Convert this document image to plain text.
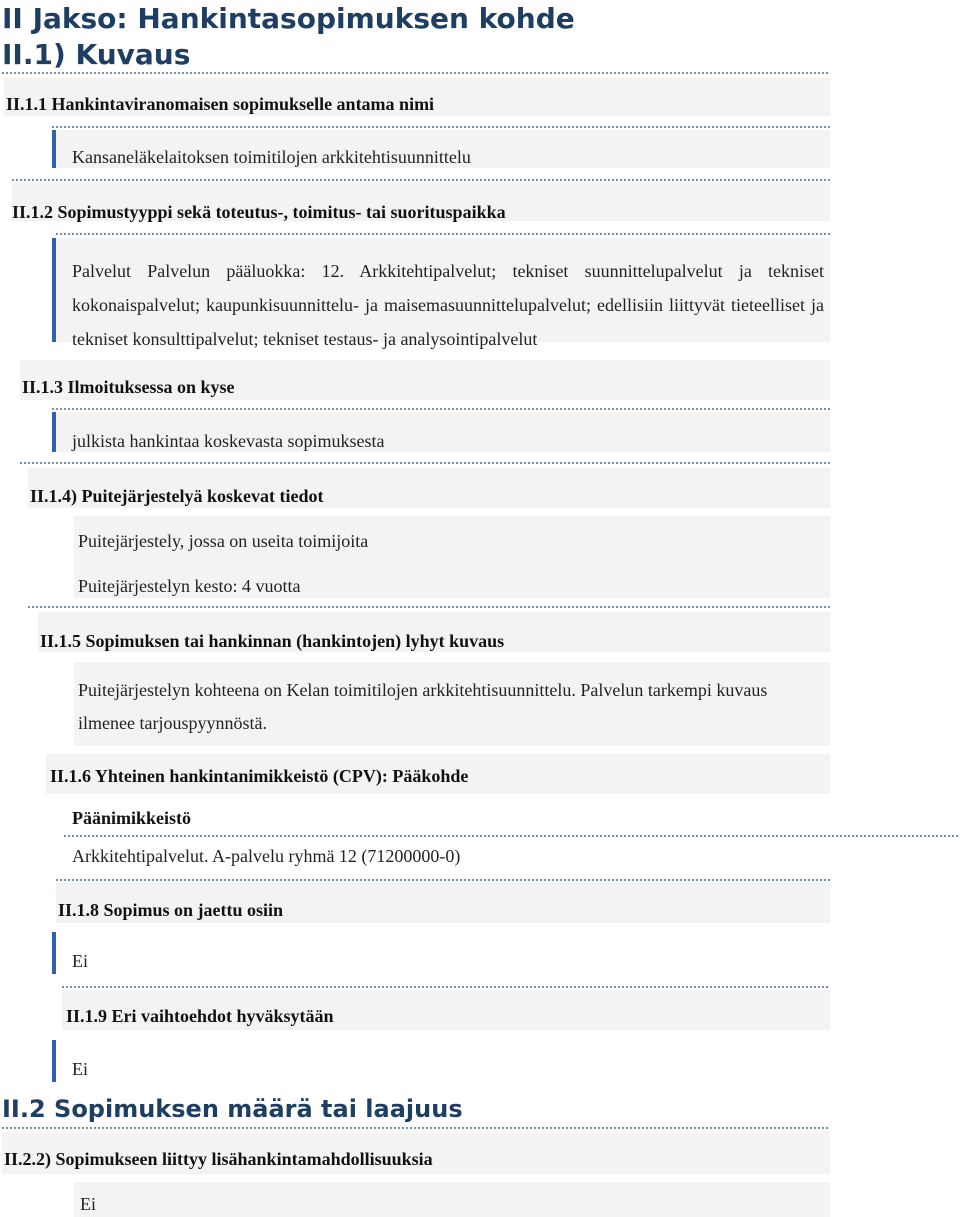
II Jakso: Hankintasopimuksen kohde
II.1) Kuvaus
II.1.1 Hankintaviranomaisen sopimukselle antama nimi
Kansaneläkelaitoksen toimitilojen arkkitehtisuunnittelu
II.1.2 Sopimustyyppi sekä toteutus-, toimitus- tai suorituspaikka
Palvelut Palvelun pääluokka: 12. Arkkitehtipalvelut; tekniset suunnittelupalvelut ja tekniset kokonaispalvelut; kaupunkisuunnittelu- ja maisemasuunnittelupalvelut; edellisiin liittyvät tieteelliset ja tekniset konsulttipalvelut; tekniset testaus- ja analysointipalvelut
II.1.3 Ilmoituksessa on kyse
julkista hankintaa koskevasta sopimuksesta
II.1.4) Puitejärjestelyä koskevat tiedot
Puitejärjestely, jossa on useita toimijoita
Puitejärjestelyn kesto: 4 vuotta
II.1.5 Sopimuksen tai hankinnan (hankintojen) lyhyt kuvaus
Puitejärjestelyn kohteena on Kelan toimitilojen arkkitehtisuunnittelu. Palvelun tarkempi kuvaus ilmenee tarjouspyynnöstä.
II.1.6 Yhteinen hankintanimikkeistö (CPV): Pääkohde
Päänimikkeistö
Arkkitehtipalvelut. A-palvelu ryhmä 12 (71200000-0)
II.1.8 Sopimus on jaettu osiin
Ei
II.1.9 Eri vaihtoehdot hyväksytään
Ei
II.2 Sopimuksen määrä tai laajuus
II.2.2) Sopimukseen liittyy lisähankintamahdollisuuksia
Ei
